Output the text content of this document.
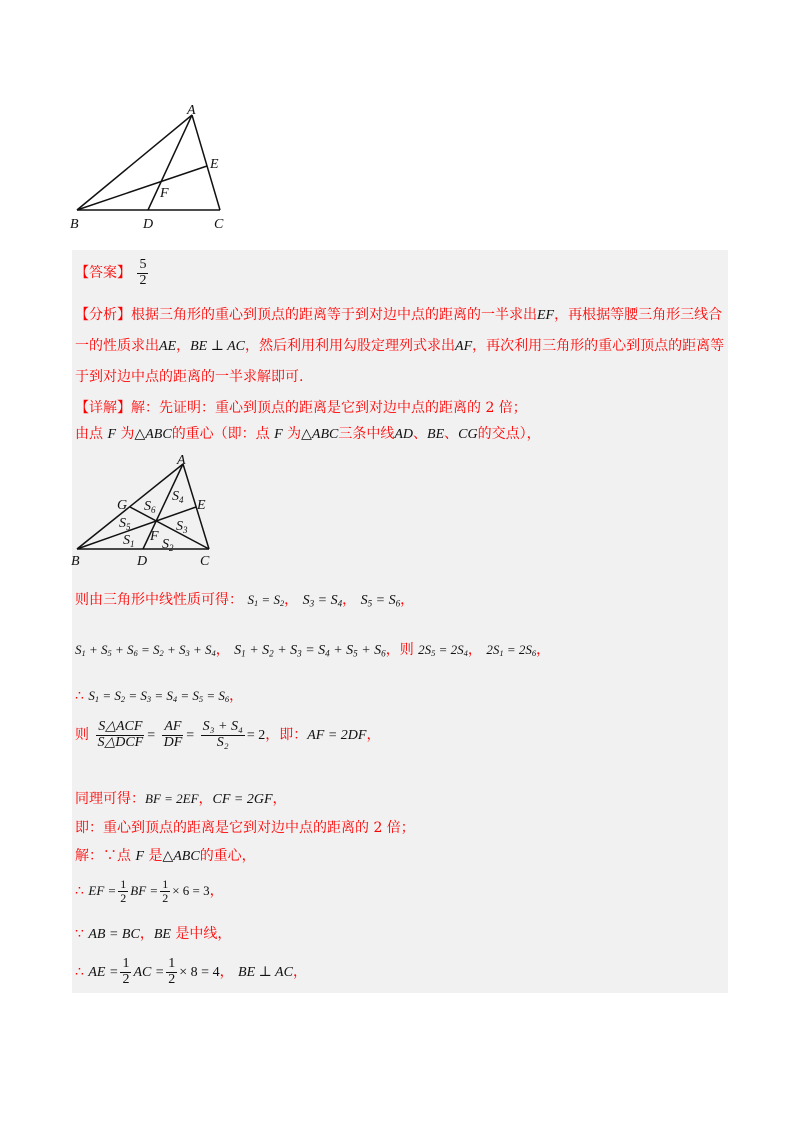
A
B	C
D
E
F
【答案】 $\frac{5}{2}$
【分析】根据三角形的重心到顶点的距离等于到对边中点的距离的一半求出EF，再根据等腰三角形三线合一的性质求出AE，BE ⊥ AC，然后利用利用勾股定理列式求出AF，再次利用三角形的重心到顶点的距离等于到对边中点的距离的一半求解即可.
【详解】解：先证明：重心到顶点的距离是它到对边中点的距离的 2 倍；
由点 F 为△ABC的重心（即：点 F 为△ABC三条中线AD、BE、CG的交点），
A
B	C
D
E
F
G $S_6$
$S_4$
$S_5$	$S_3$
$S_1$ $S_2$
则由三角形中线性质可得： $S_1 = S_2$， $S_3 = S_4$， $S_5 = S_6$，
$S_1 + S_5 + S_6 = S_2 + S_3 + S_4$， $S_1 + S_2 + S_3 = S_4 + S_5 + S_6$，则 $2S_5 = 2S_4$， $2S_1 = 2S_6$，
∴ $S_1 = S_2 = S_3 = S_4 = S_5 = S_6$，
则 $\frac{\text{S△ACF}}{\text{S△DCF}} = \frac{AF}{DF} = \frac{\text{S₃ + S₄}}{\text{S₂}} = 2$，即：AF = 2DF，
同理可得：BF = 2EF，CF = 2GF，
即：重心到顶点的距离是它到对边中点的距离的 2 倍；
解：∵点 F 是△ABC的重心，
∴ EF = $\frac{1}{2}$ BF = $\frac{1}{2} \times 6 = 3$，
∵ AB = BC，BE 是中线，
∴ AE = $\frac{1}{2}$ AC = $\frac{1}{2} \times 8 = 4$， BE ⊥ AC，
